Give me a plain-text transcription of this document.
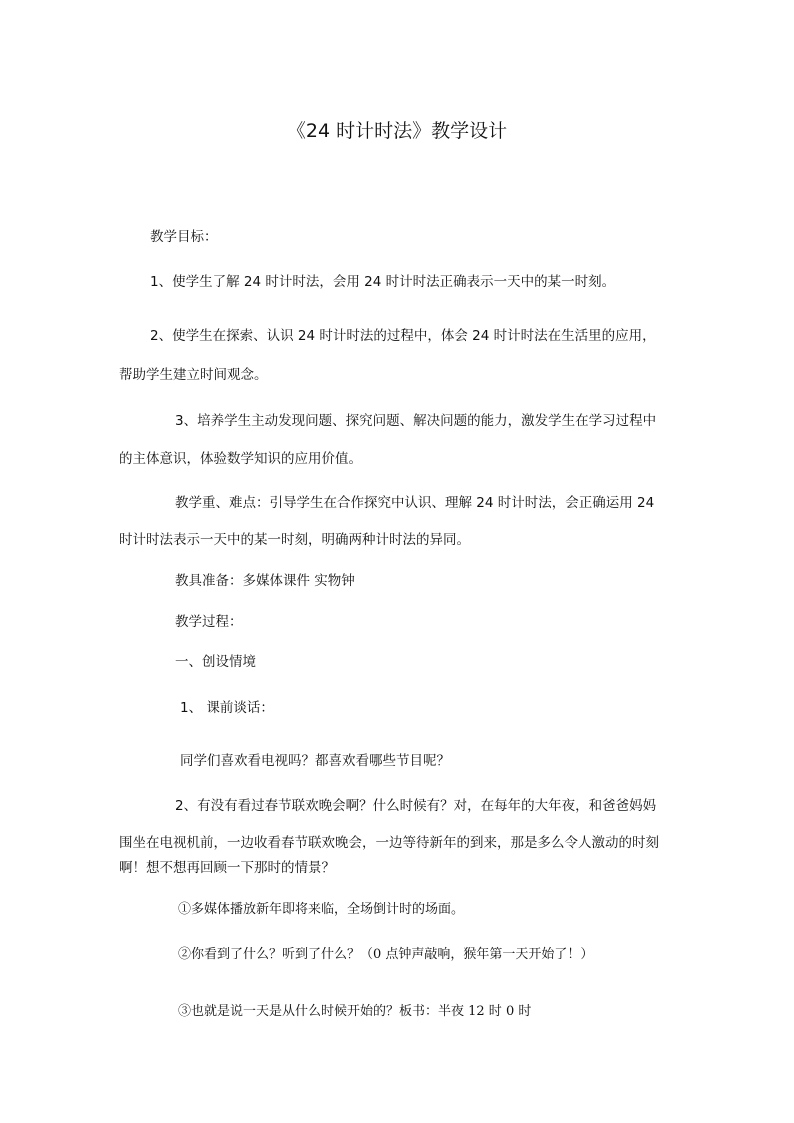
《24 时计时法》教学设计
教学目标：
1、使学生了解 24 时计时法，会用 24 时计时法正确表示一天中的某一时刻。
2、使学生在探索、认识 24 时计时法的过程中，体会 24 时计时法在生活里的应用，
帮助学生建立时间观念。
3、培养学生主动发现问题、探究问题、解决问题的能力，激发学生在学习过程中
的主体意识，体验数学知识的应用价值。
教学重、难点：引导学生在合作探究中认识、理解 24 时计时法，会正确运用 24
时计时法表示一天中的某一时刻，明确两种计时法的异同。
教具准备：多媒体课件 实物钟
教学过程：
一、创设情境
1、 课前谈话：
同学们喜欢看电视吗？都喜欢看哪些节目呢？
2、有没有看过春节联欢晚会啊？什么时候有？对，在每年的大年夜，和爸爸妈妈
围坐在电视机前，一边收看春节联欢晚会，一边等待新年的到来，那是多么令人激动的时刻
啊！想不想再回顾一下那时的情景？
①多媒体播放新年即将来临，全场倒计时的场面。
②你看到了什么？听到了什么？（0 点钟声敲响，猴年第一天开始了！）
③也就是说一天是从什么时候开始的？板书：半夜 12 时 0 时
